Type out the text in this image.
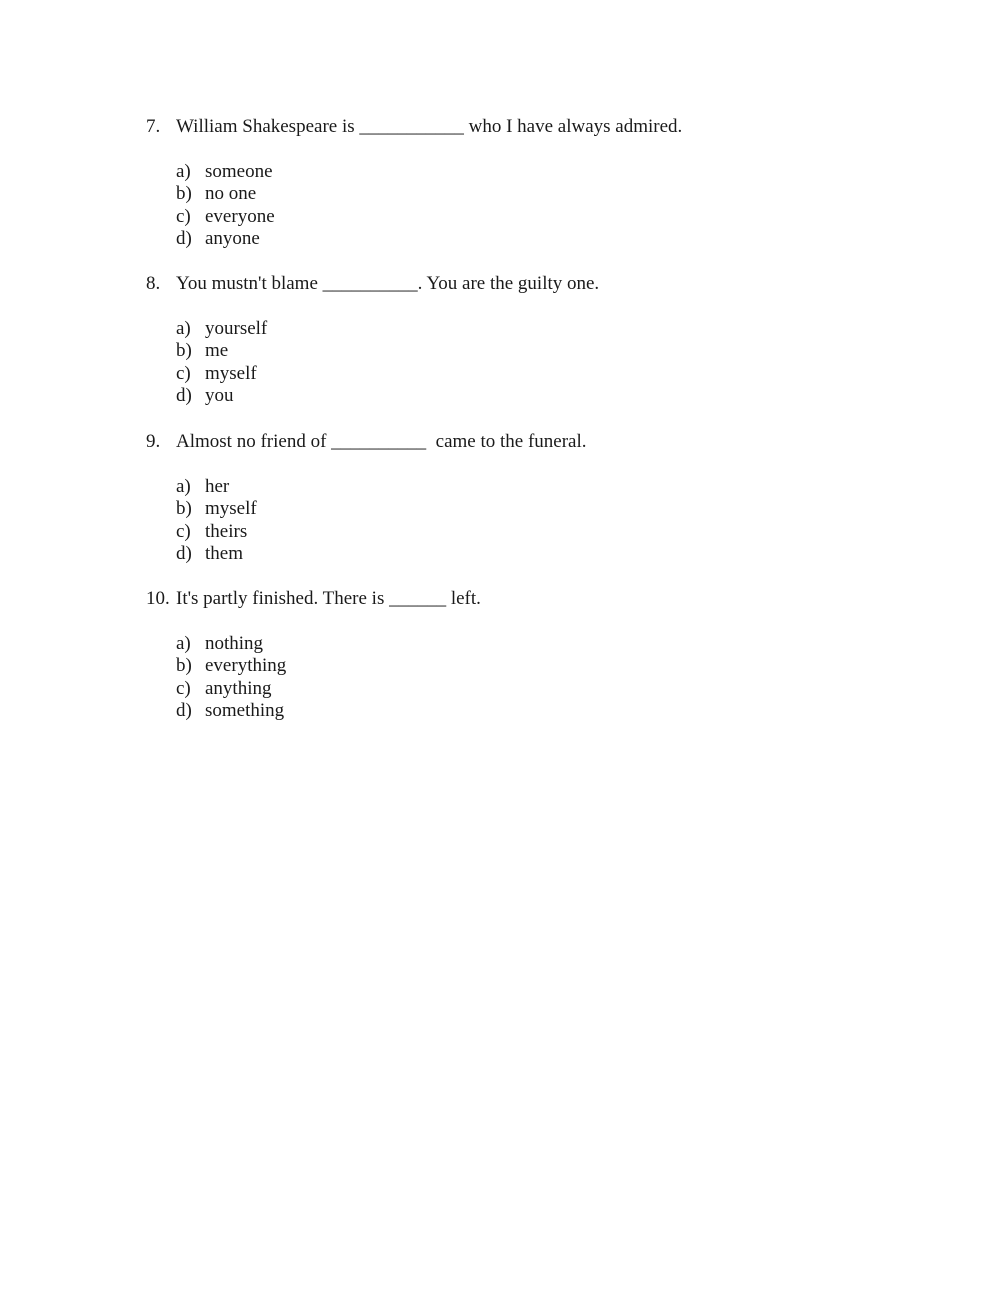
7. William Shakespeare is ___________ who I have always admired.
a) someone
b) no one
c) everyone
d) anyone
8. You mustn't blame __________. You are the guilty one.
a) yourself
b) me
c) myself
d) you
9. Almost no friend of __________  came to the funeral.
a) her
b) myself
c) theirs
d) them
10. It's partly finished. There is ______ left.
a) nothing
b) everything
c) anything
d) something
